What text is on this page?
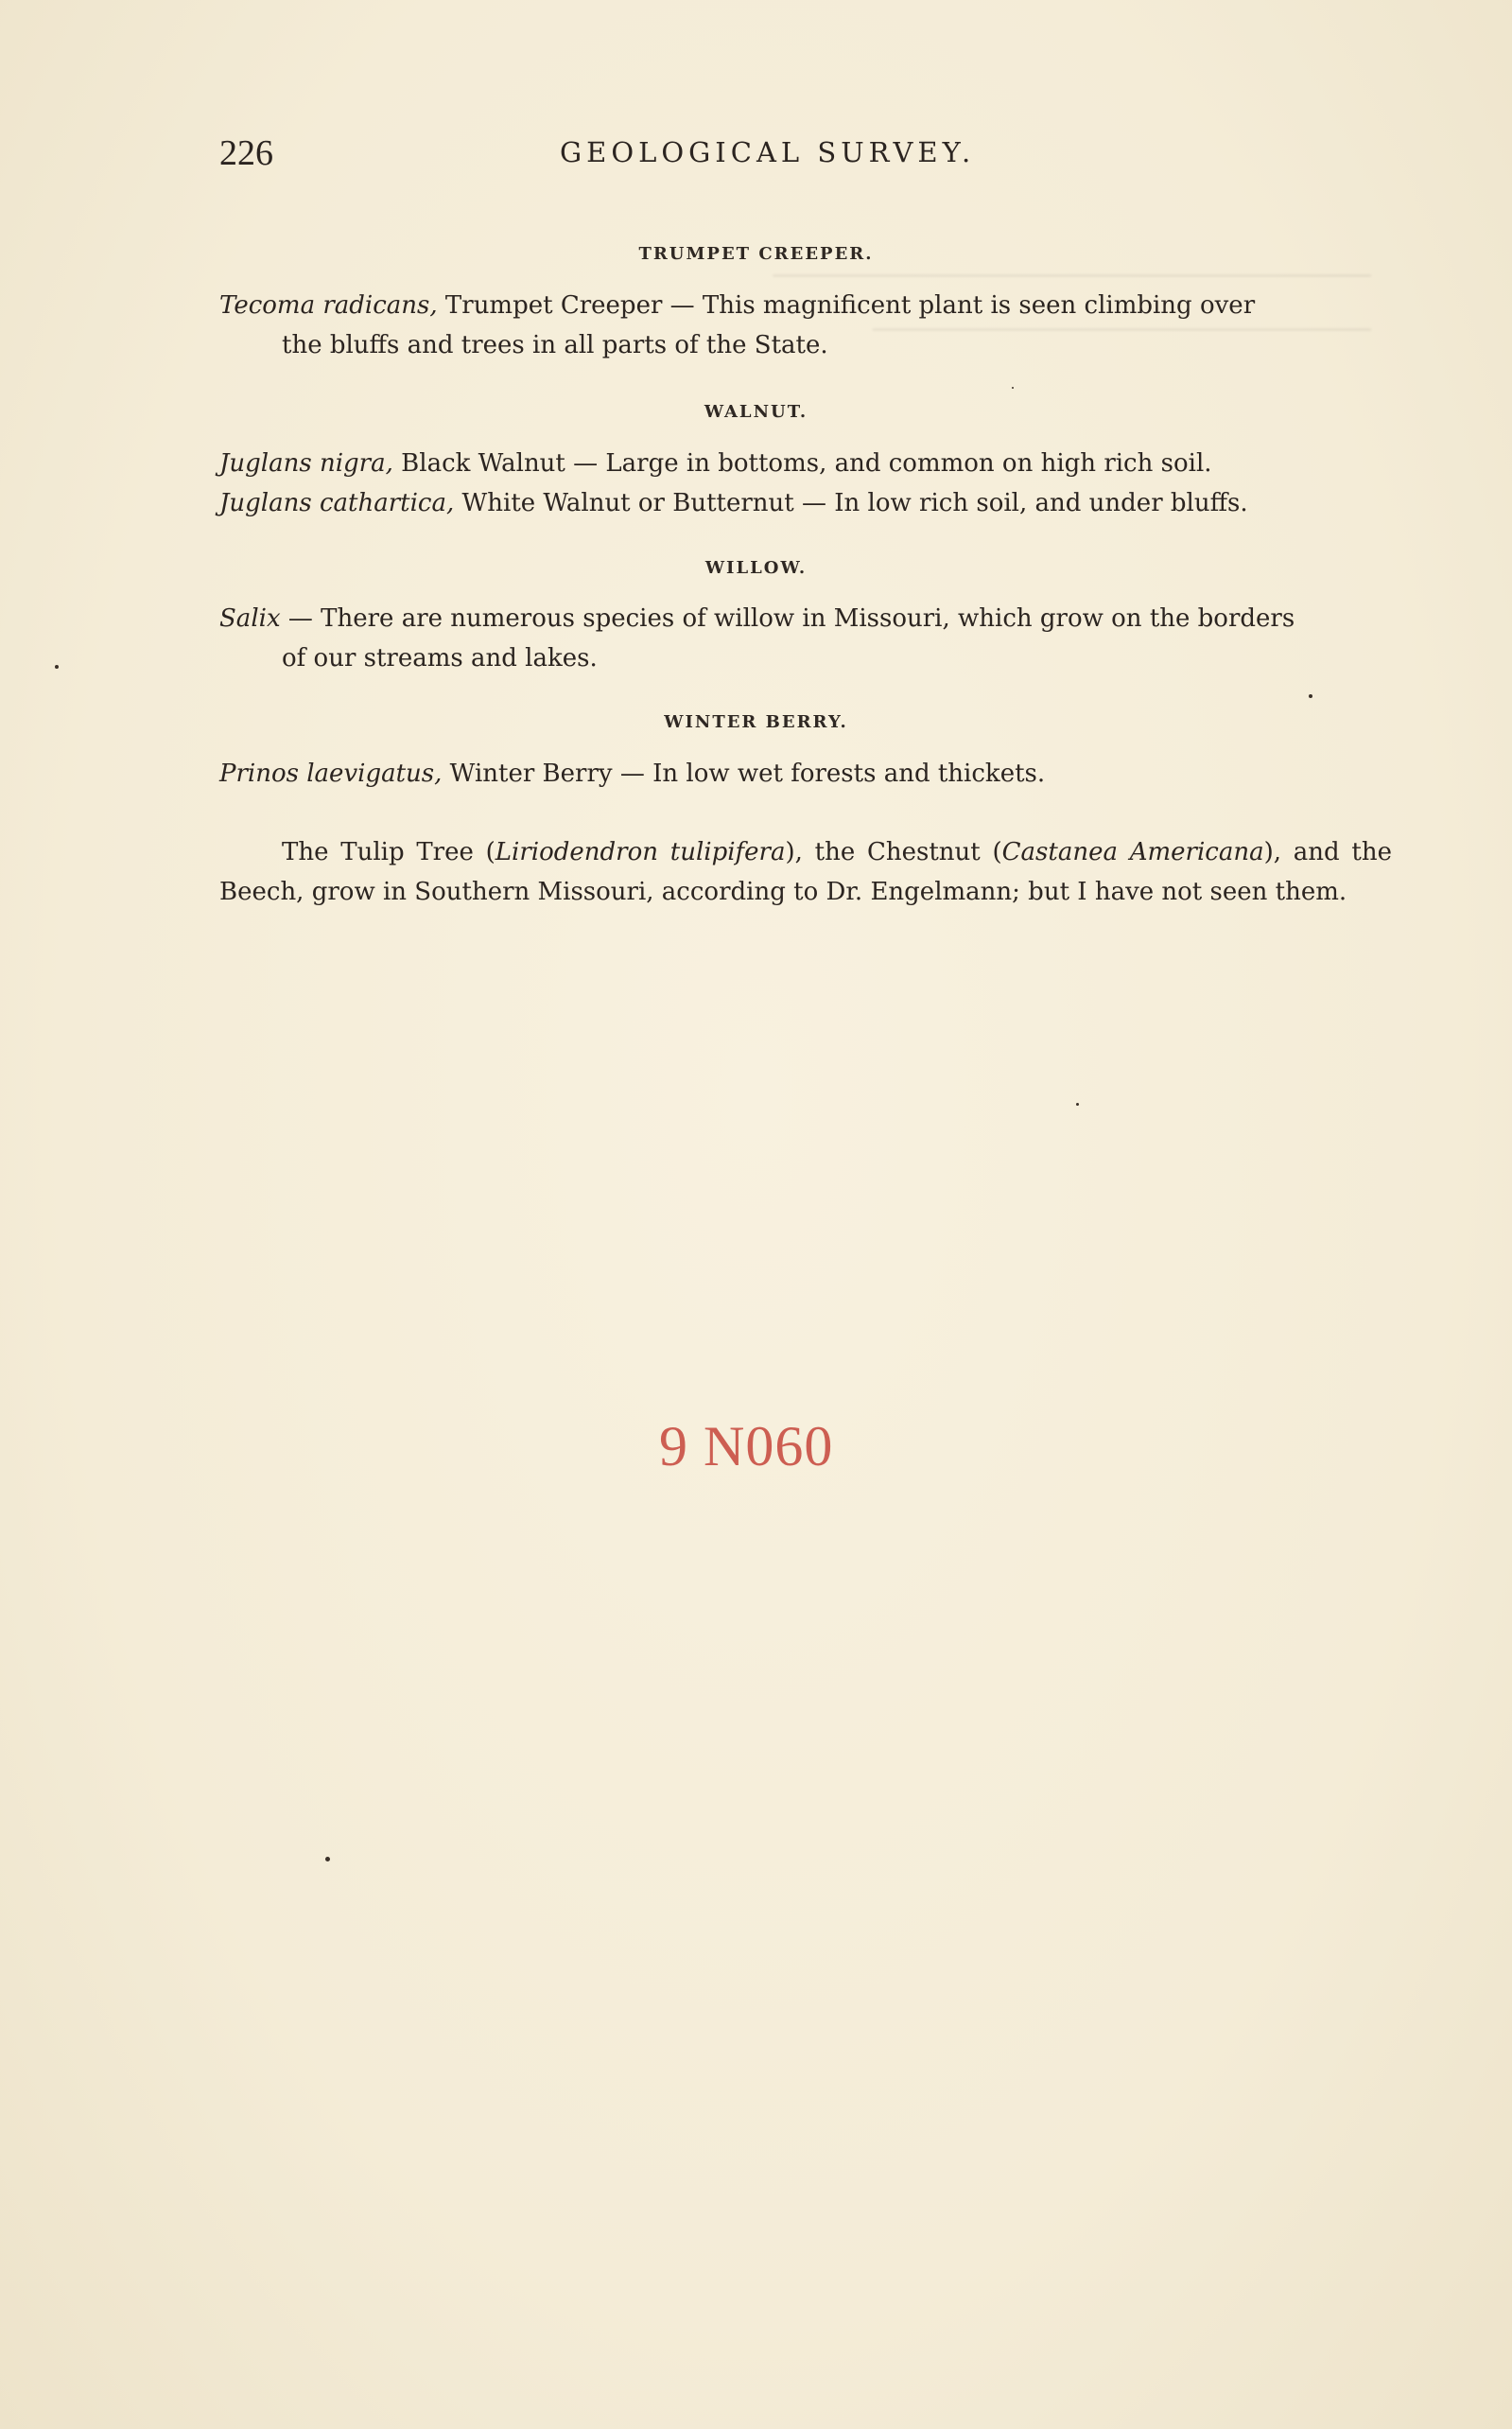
──────────────────────────────────────────
───────────────────────────────────
226	GEOLOGICAL SURVEY.
TRUMPET CREEPER.
Tecoma radicans, Trumpet Creeper — This magnificent plant is seen climbing over
the bluffs and trees in all parts of the State.
WALNUT.
Juglans nigra, Black Walnut — Large in bottoms, and common on high rich soil.
Juglans cathartica, White Walnut or Butternut — In low rich soil, and under bluffs.
WILLOW.
Salix — There are numerous species of willow in Missouri, which grow on the borders
of our streams and lakes.
WINTER BERRY.
Prinos laevigatus, Winter Berry — In low wet forests and thickets.

The Tulip Tree (Liriodendron tulipifera), the Chestnut (Castanea Americana), and the Beech, grow in Southern Missouri, according to Dr. Engelmann; but I have not seen them.

9 N060
